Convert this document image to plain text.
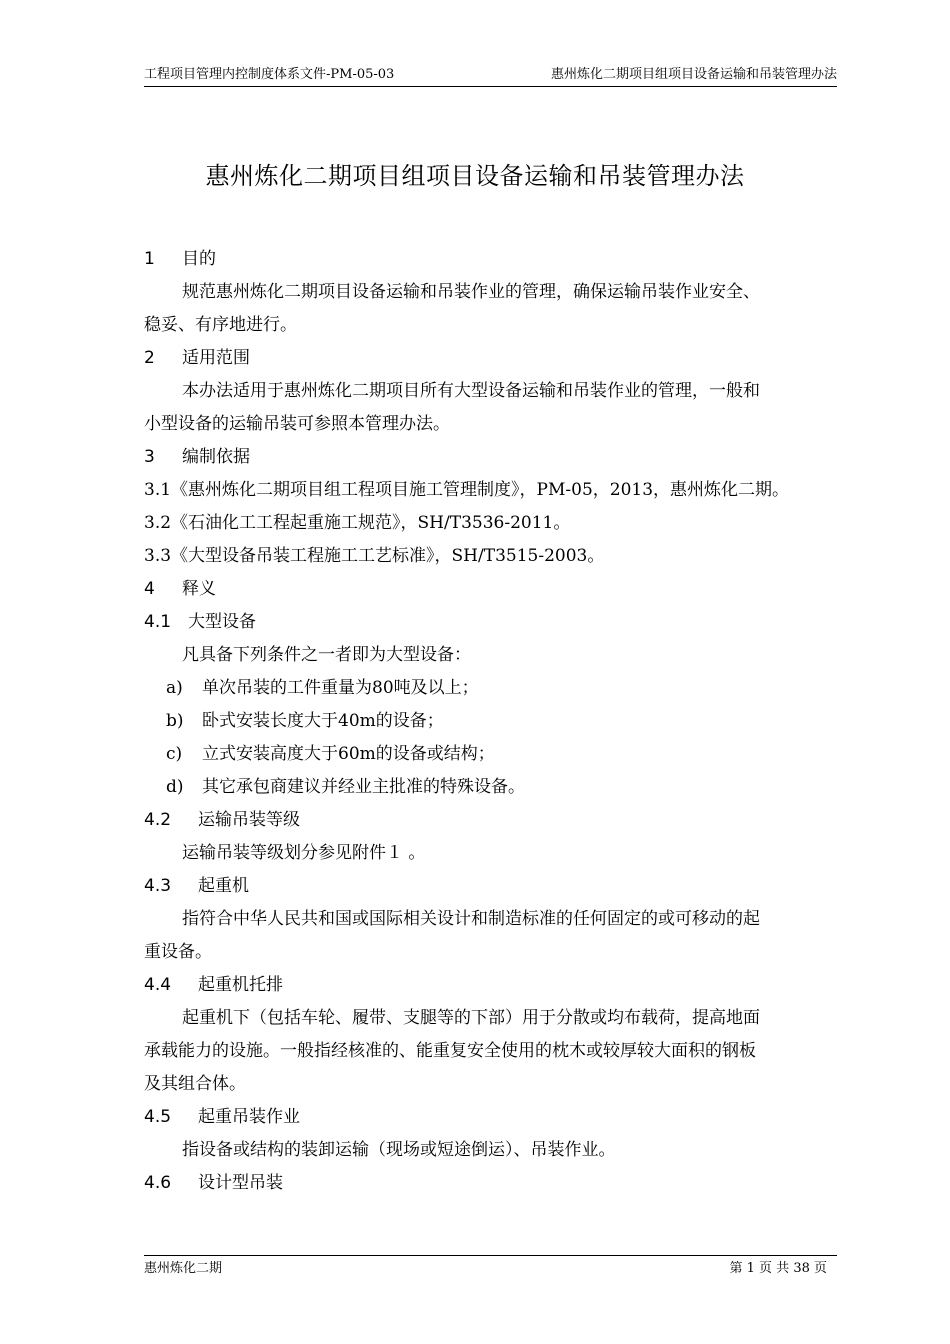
工程项目管理内控制度体系文件-PM-05-03	惠州炼化二期项目组项目设备运输和吊装管理办法
惠州炼化二期项目组项目设备运输和吊装管理办法
1 目的
规范惠州炼化二期项目设备运输和吊装作业的管理，确保运输吊装作业安全、
稳妥、有序地进行。
2 适用范围
本办法适用于惠州炼化二期项目所有大型设备运输和吊装作业的管理，一般和
小型设备的运输吊装可参照本管理办法。
3 编制依据
3.1《惠州炼化二期项目组工程项目施工管理制度》，PM-05，2013，惠州炼化二期。
3.2《石油化工工程起重施工规范》，SH/T3536-2011。
3.3《大型设备吊装工程施工工艺标准》，SH/T3515-2003。
4 释义
4.1 大型设备
凡具备下列条件之一者即为大型设备：
a) 单次吊装的工件重量为80吨及以上；
b) 卧式安装长度大于40m的设备；
c) 立式安装高度大于60m的设备或结构；
d) 其它承包商建议并经业主批准的特殊设备。
4.2 运输吊装等级
运输吊装等级划分参见附件１ 。
4.3 起重机
指符合中华人民共和国或国际相关设计和制造标准的任何固定的或可移动的起
重设备。
4.4 起重机托排
起重机下（包括车轮、履带、支腿等的下部）用于分散或均布载荷，提高地面
承载能力的设施。一般指经核准的、能重复安全使用的枕木或较厚较大面积的钢板
及其组合体。
4.5 起重吊装作业
指设备或结构的装卸运输（现场或短途倒运）、吊装作业。
4.6 设计型吊装
惠州炼化二期	第 1 页 共 38 页
